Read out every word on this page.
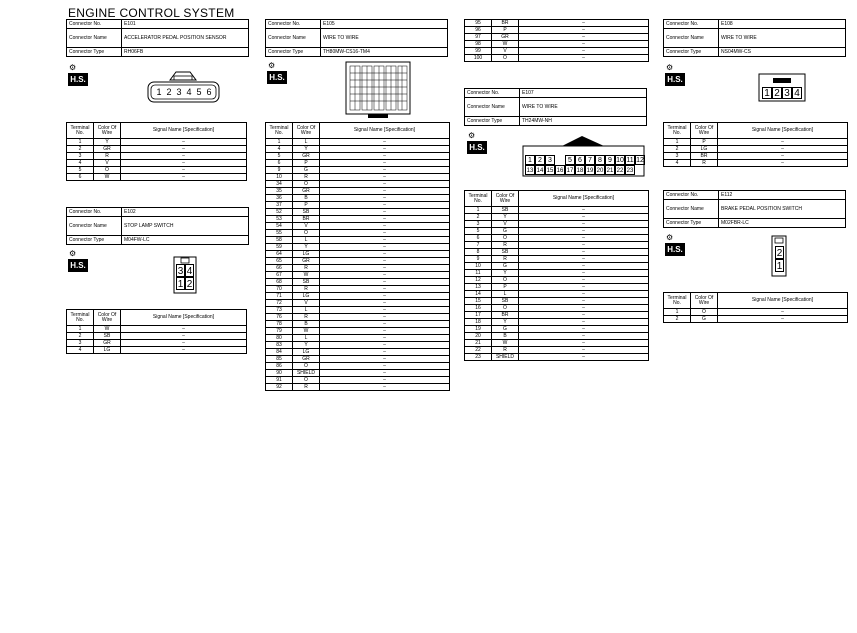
ENGINE CONTROL SYSTEM
Connector No.	E101
Connector Name	ACCELERATOR PEDAL POSITION SENSOR
Connector Type	RH06FB
⚙
H.S.
1 2 3 4 5 6
Terminal No.	Color Of Wire	Signal Name [Specification]
1	Y	–
2	GR	–
3	R	–
4	V	–
5	O	–
6	W	–
Connector No.	E102
Connector Name	STOP LAMP SWITCH
Connector Type	M04FW-LC
⚙
H.S.
3 4
1 2
Terminal No.	Color Of Wire	Signal Name [Specification]
1	W	–
2	SB	–
3	GR	–
4	LG	–
Connector No.	E105
Connector Name	WIRE TO WIRE
Connector Type	TH80MW-CS16-TM4
⚙
H.S.
Terminal No.	Color Of Wire	Signal Name [Specification]
1	L	–
4	Y	–
5	GR	–
6	P	–
9	G	–
10	R	–
34	O	–
35	GR	–
36	B	–
37	P	–
52	SB	–
53	BR	–
54	V	–
55	O	–
58	L	–
59	Y	–
64	LG	–
65	GR	–
66	R	–
67	W	–
68	SB	–
70	R	–
71	LG	–
72	V	–
73	L	–
76	R	–
78	B	–
79	W	–
80	L	–
83	Y	–
84	LG	–
85	GR	–
86	O	–
90	SHIELD	–
91	O	–
92	R	–
95	BR	–
96	P	–
97	GR	–
98	W	–
99	V	–
100	O	–
Connector No.	E107
Connector Name	WIRE TO WIRE
Connector Type	TH24MW-NH
⚙
H.S.
1 2 3	5 6 7 8 9 10 11 12
13 14 15 16 17 18 19 20 21 22 23
Terminal No.	Color Of Wire	Signal Name [Specification]
1	SB	–
2	Y	–
3	V	–
5	G	–
6	O	–
7	R	–
8	SB	–
9	R	–
10	G	–
11	Y	–
12	O	–
13	P	–
14	L	–
15	SB	–
16	O	–
17	BR	–
18	Y	–
19	G	–
20	B	–
21	W	–
22	R	–
23	SHIELD	–
Connector No.	E108
Connector Name	WIRE TO WIRE
Connector Type	NS04MW-CS
⚙
H.S.
1 2 3 4
Terminal No.	Color Of Wire	Signal Name [Specification]
1	P	–
2	LG	–
3	BR	–
4	R	–
Connector No.	E112
Connector Name	BRAKE PEDAL POSITION SWITCH
Connector Type	M02FBR-LC
⚙
H.S.	2
1
Terminal No.	Color Of Wire	Signal Name [Specification]
1	O	–
2	G	–
